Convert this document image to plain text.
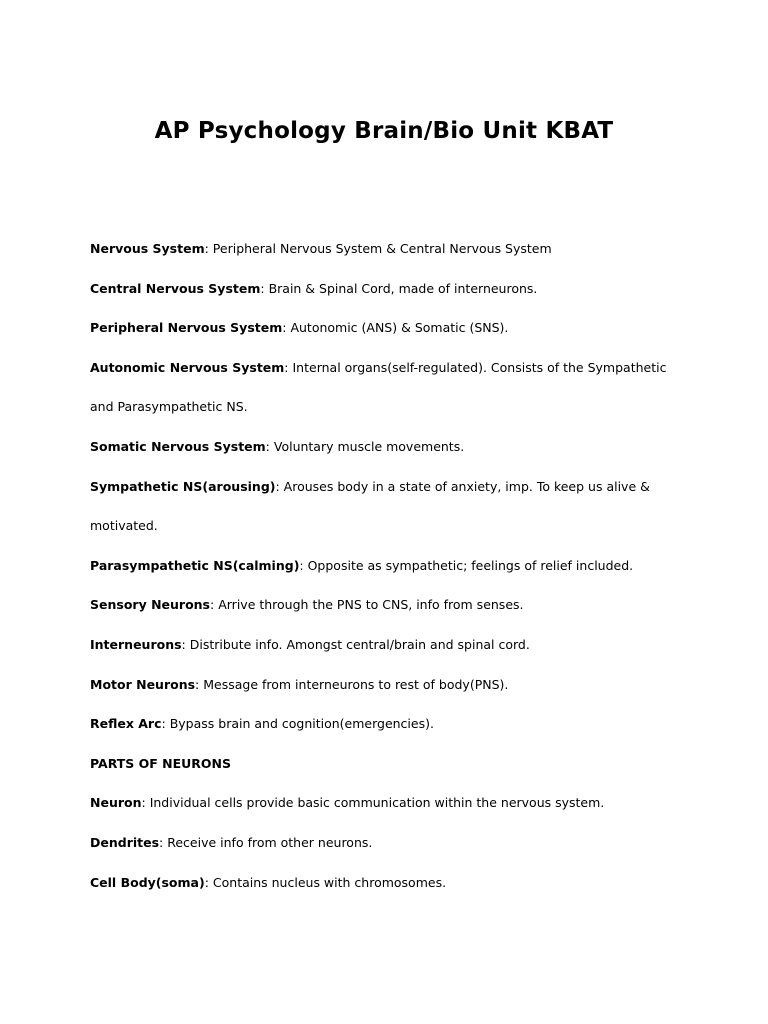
AP Psychology Brain/Bio Unit KBAT

Nervous System: Peripheral Nervous System & Central Nervous System

Central Nervous System: Brain & Spinal Cord, made of interneurons.

Peripheral Nervous System: Autonomic (ANS) & Somatic (SNS).

Autonomic Nervous System: Internal organs(self-regulated). Consists of the Sympathetic

and Parasympathetic NS.

Somatic Nervous System: Voluntary muscle movements.

Sympathetic NS(arousing): Arouses body in a state of anxiety, imp. To keep us alive &

motivated.

Parasympathetic NS(calming): Opposite as sympathetic; feelings of relief included.

Sensory Neurons: Arrive through the PNS to CNS, info from senses.

Interneurons: Distribute info. Amongst central/brain and spinal cord.

Motor Neurons: Message from interneurons to rest of body(PNS).

Reflex Arc: Bypass brain and cognition(emergencies).

PARTS OF NEURONS

Neuron: Individual cells provide basic communication within the nervous system.

Dendrites: Receive info from other neurons.

Cell Body(soma): Contains nucleus with chromosomes.
